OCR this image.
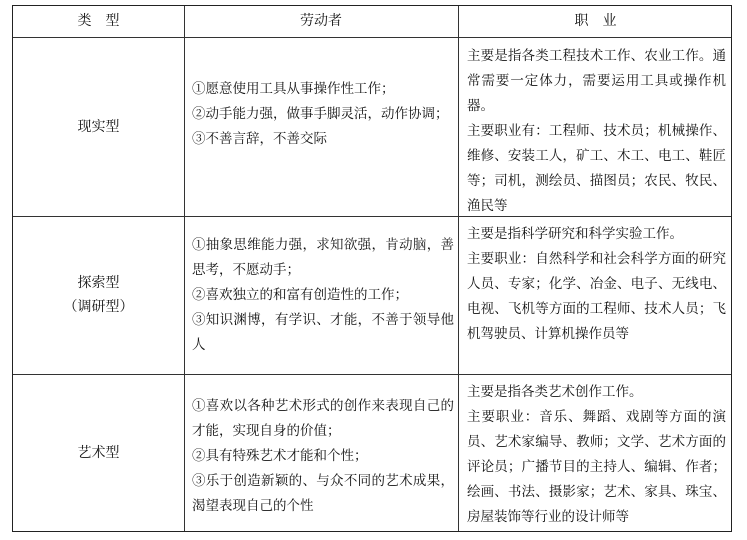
类　型	劳动者	职　业
现实型

①愿意使用工具从事操作性工作；

②动手能力强，做事手脚灵活，动作协调；

③不善言辞，不善交际

主要是指各类工程技术工作、农业工作。通常需要一定体力，需要运用工具或操作机器。

主要职业有：工程师、技术员；机械操作、维修、安装工人，矿工、木工、电工、鞋匠等；司机，测绘员、描图员；农民、牧民、渔民等

探索型
（调研型）

①抽象思维能力强，求知欲强，肯动脑，善思考，不愿动手；

②喜欢独立的和富有创造性的工作；

③知识渊博，有学识、才能，不善于领导他人

主要是指科学研究和科学实验工作。

主要职业：自然科学和社会科学方面的研究人员、专家；化学、冶金、电子、无线电、电视、飞机等方面的工程师、技术人员；飞机驾驶员、计算机操作员等

艺术型

①喜欢以各种艺术形式的创作来表现自己的才能，实现自身的价值；

②具有特殊艺术才能和个性；

③乐于创造新颖的、与众不同的艺术成果，渴望表现自己的个性

主要是指各类艺术创作工作。

主要职业：音乐、舞蹈、戏剧等方面的演员、艺术家编导、教师；文学、艺术方面的评论员；广播节目的主持人、编辑、作者；绘画、书法、摄影家；艺术、家具、珠宝、房屋装饰等行业的设计师等
